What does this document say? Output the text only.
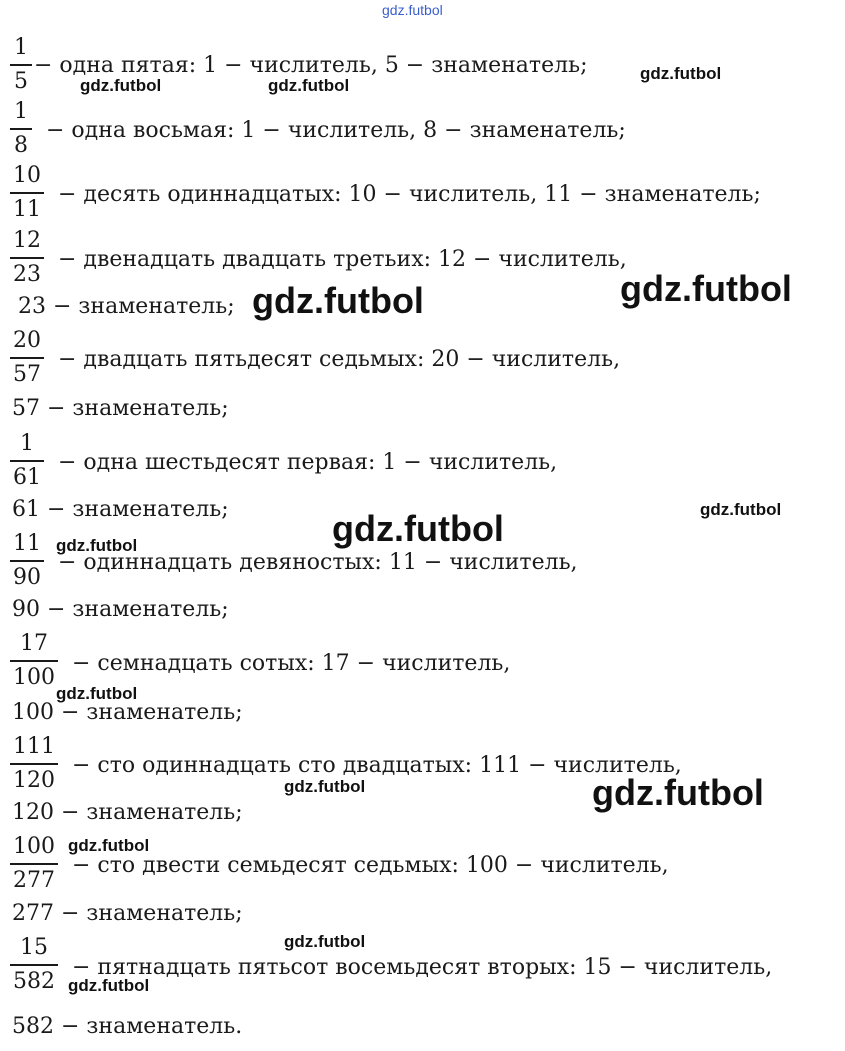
gdz.futbol
1
5
− одна пятая: 1 − числитель, 5 − знаменатель;
1
8
− одна восьмая: 1 − числитель, 8 − знаменатель;
10
11
− десять одиннадцатых: 10 − числитель, 11 − знаменатель;
12
23
− двенадцать двадцать третьих: 12 − числитель,
23 − знаменатель;
20
57
− двадцать пятьдесят седьмых: 20 − числитель,
57 − знаменатель;
1
61
− одна шестьдесят первая: 1 − числитель,
61 − знаменатель;
11
90
− одиннадцать девяностых: 11 − числитель,
90 − знаменатель;
17
100
− семнадцать сотых: 17 − числитель,
100 − знаменатель;
111
120
− сто одиннадцать сто двадцатых: 111 − числитель,
120 − знаменатель;
100
277
− сто двести семьдесят седьмых: 100 − числитель,
277 − знаменатель;
15
582
− пятнадцать пятьсот восемьдесят вторых: 15 − числитель,
582 − знаменатель.
gdz.futbol
gdz.futbol	gdz.futbol
gdz.futbol	gdz.futbol
gdz.futbol
gdz.futbol
gdz.futbol
gdz.futbol
gdz.futbol	gdz.futbol
gdz.futbol
gdz.futbol
gdz.futbol
